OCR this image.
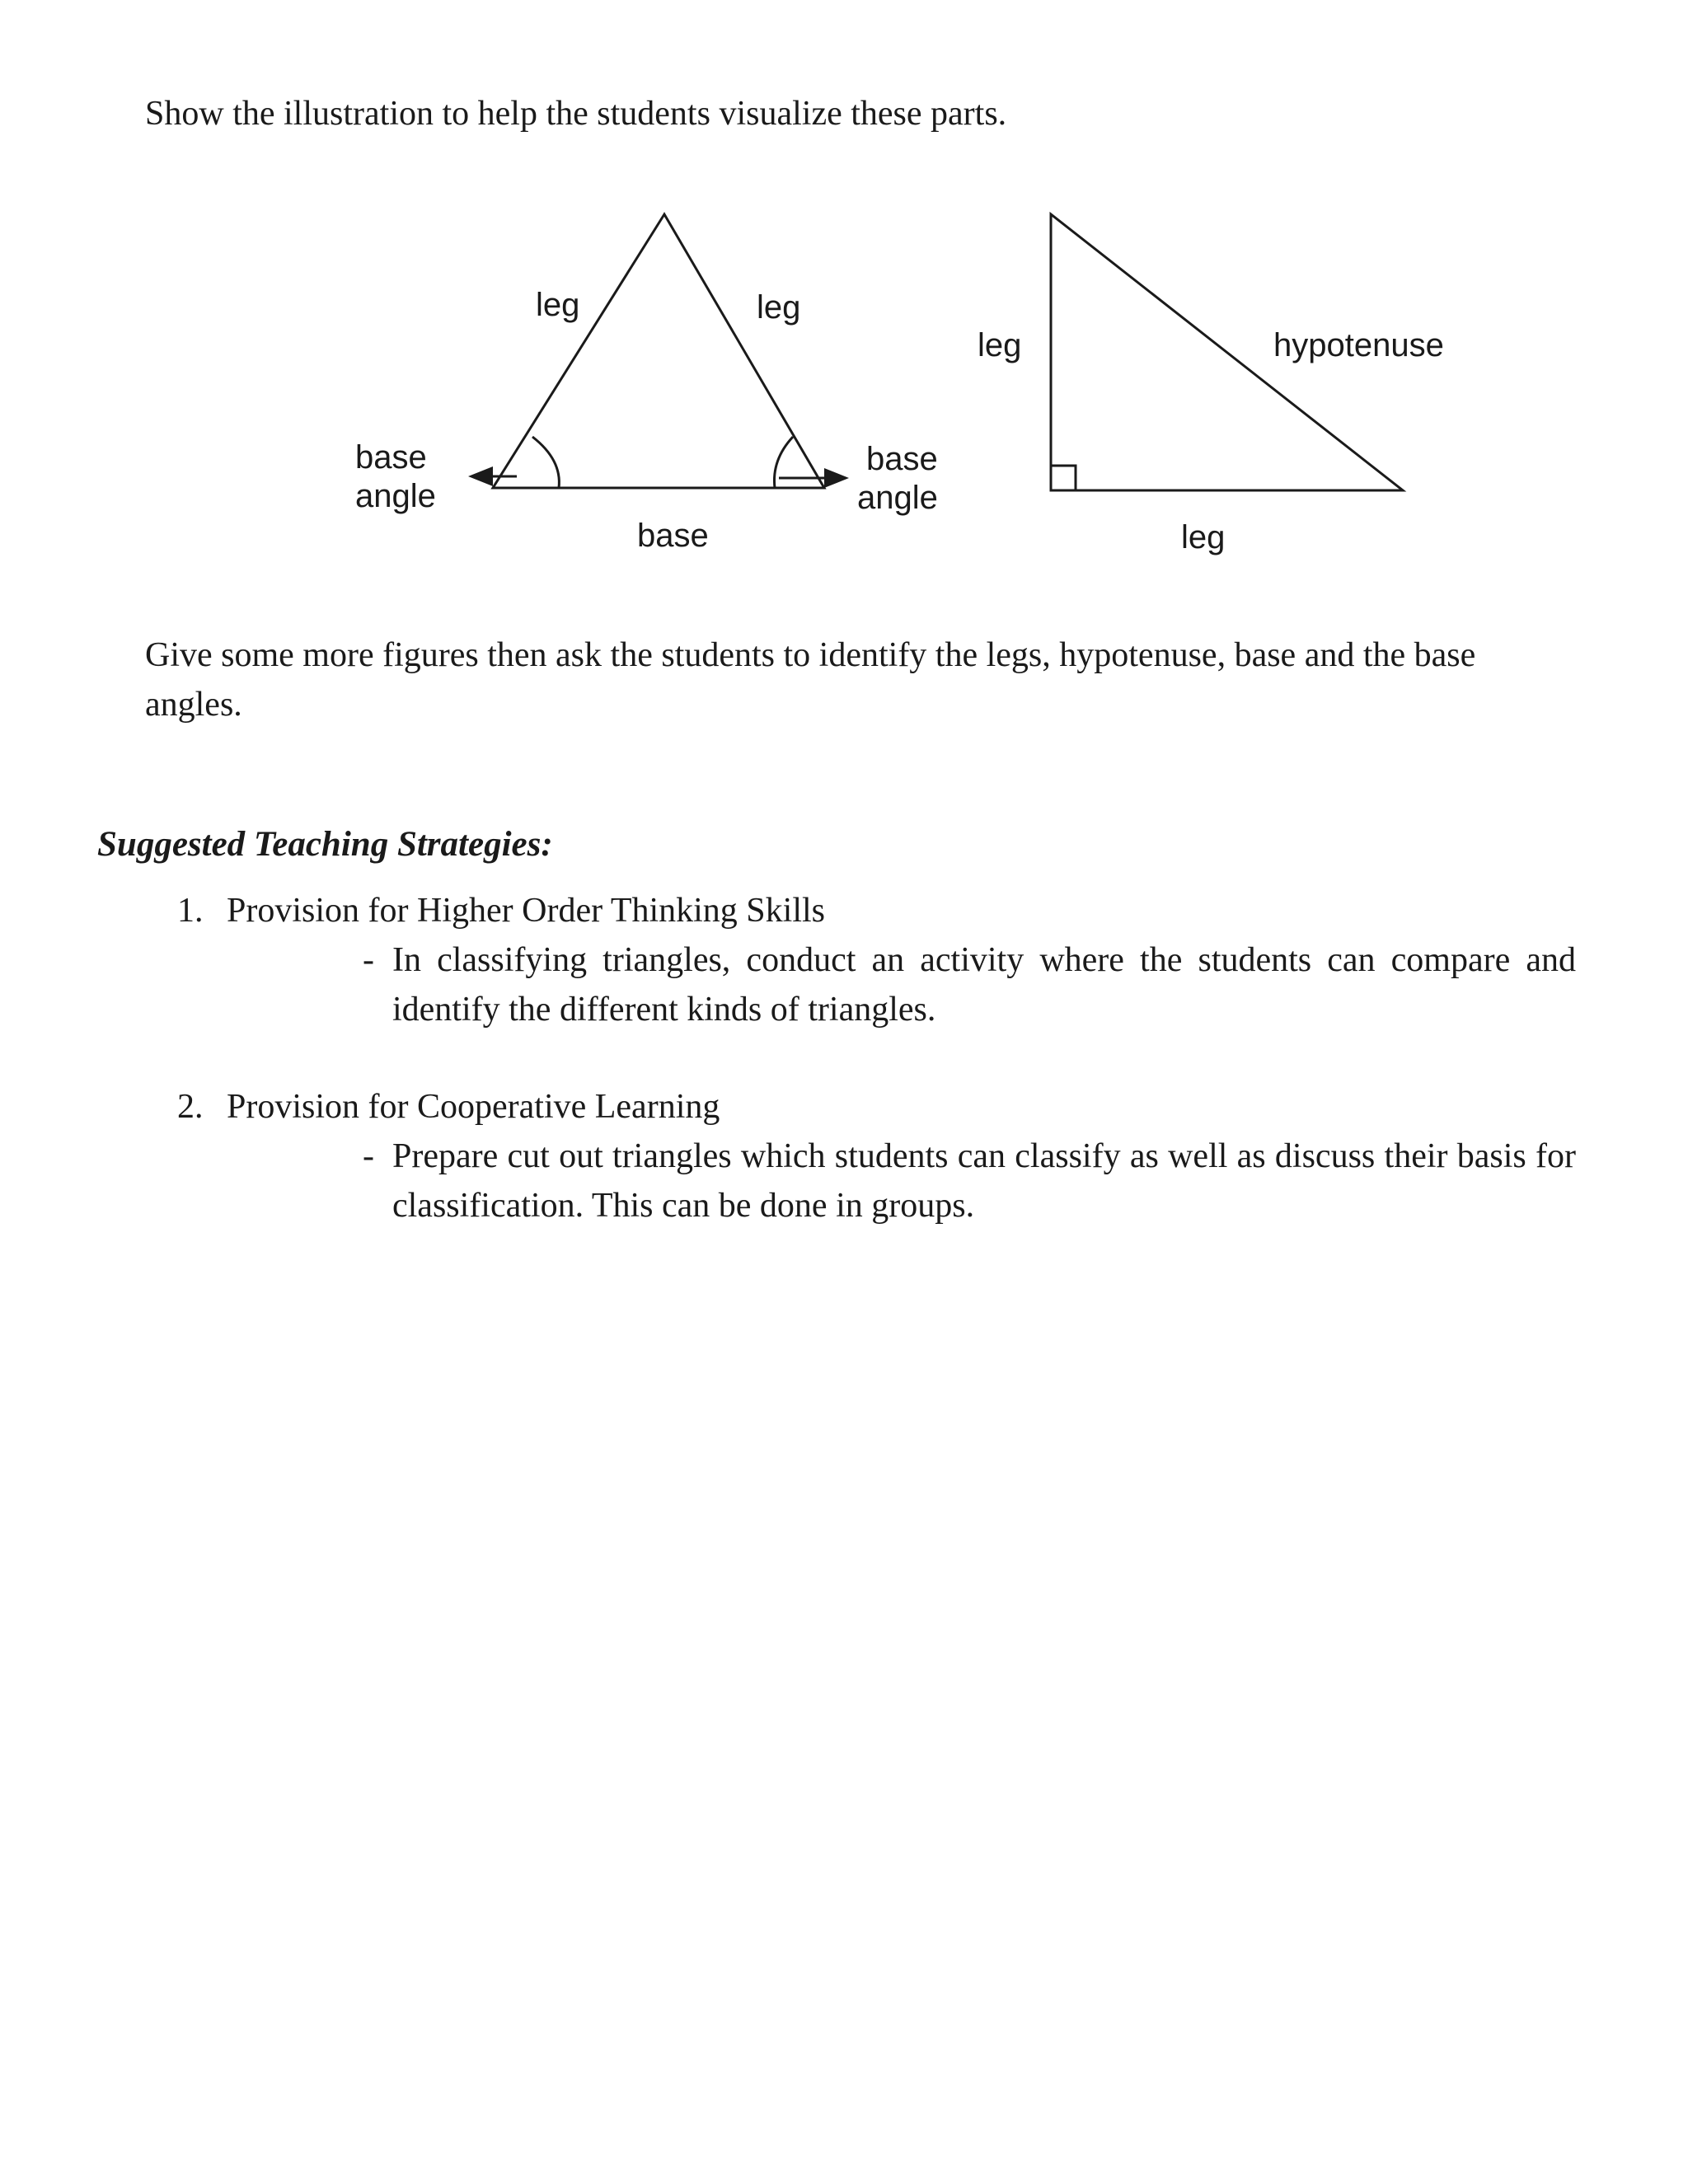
Show the illustration to help the students visualize these parts.

leg	leg
base
angle
base
angle
base
leg	hypotenuse
leg

Give some more figures then ask the students to identify the legs, hypotenuse, base and the base angles.

Suggested Teaching Strategies:
1. Provision for Higher Order Thinking Skills
- In classifying triangles, conduct an activity where the students can compare and identify the different kinds of triangles.
2. Provision for Cooperative Learning
- Prepare cut out triangles which students can classify as well as discuss their basis for classification. This can be done in groups.
